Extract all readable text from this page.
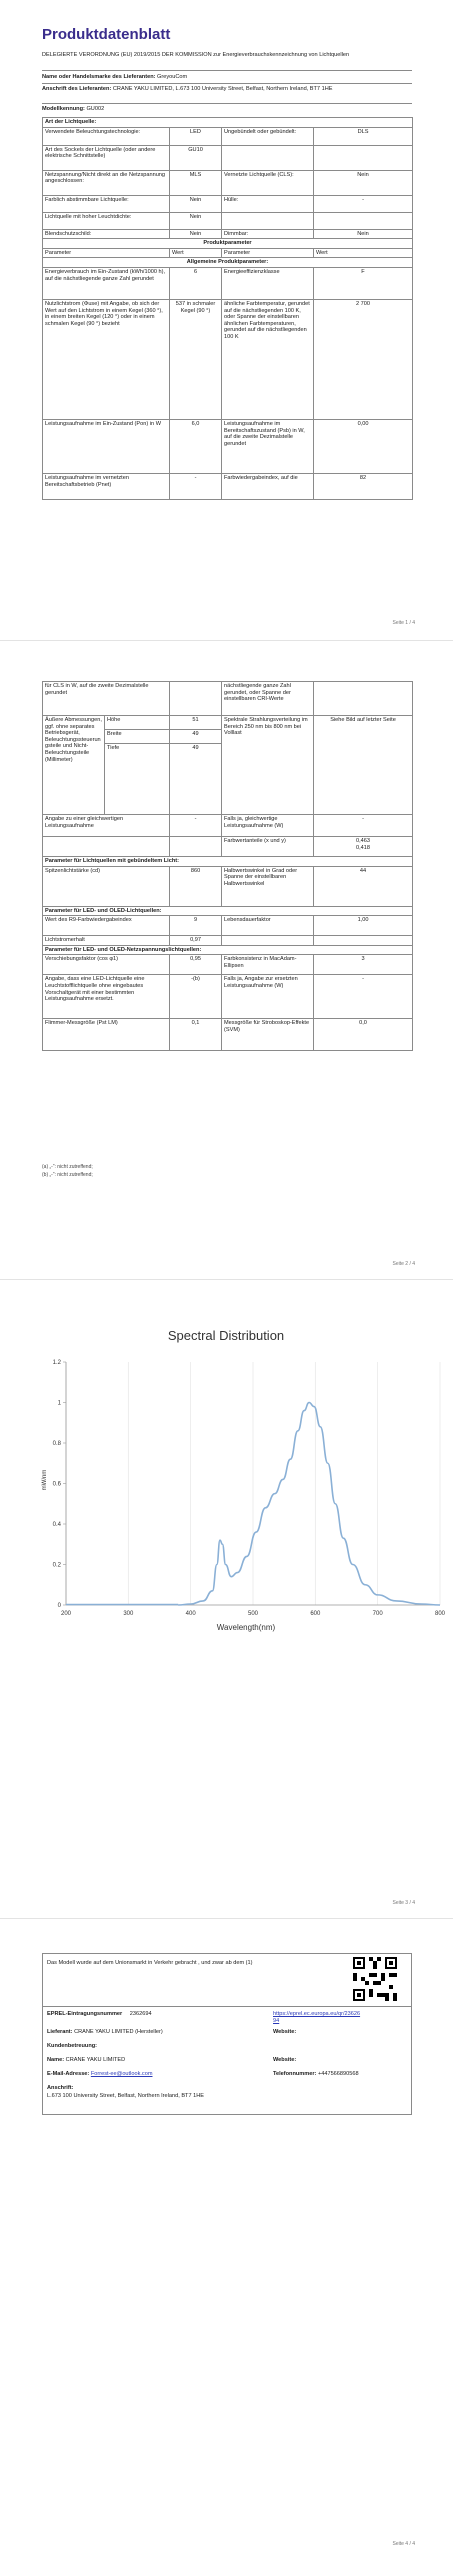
Produktdatenblatt
DELEGIERTE VERORDNUNG (EU) 2019/2015 DER KOMMISSION zur Energieverbrauchskennzeichnung von Lichtquellen
Name oder Handelsmarke des Lieferanten: GreyouCom
Anschrift des Lieferanten: CRANE YAKU LIMITED, L.673 100 University Street, Belfast, Northern Ireland, BT7 1HE
Modellkennung: GU002
Art der Lichtquelle:			
Verwendete Beleuchtungstechnologie:	LED	Ungebündelt oder gebündelt:	DLS
Art des Sockels der Lichtquelle (oder andere elektrische Schnittstelle)	GU10		
Netzspannung/Nicht direkt an die Netzspannung angeschlossen:	MLS	Vernetzte Lichtquelle (CLS):	Nein
Farblich abstimmbare Lichtquelle:	Nein	Hülle:	-
Lichtquelle mit hoher Leuchtdichte:	Nein		
Blendschutzschild:	Nein	Dimmbar:	Nein
Produktparameter			
Parameter	Wert	Parameter	Wert
Allgemeine Produktparameter:			
Energieverbrauch im Ein-Zustand (kWh/1000 h), auf die nächstliegende ganze Zahl gerundet	6	Energieeffizienzklasse	F
Nutzlichtstrom (Φuse) mit Angabe, ob sich der Wert auf den Lichtstrom in einem Kegel (360 °), in einem breiten Kegel (120 °) oder in einem schmalen Kegel (90 °) bezieht	537 in schmaler Kegel (90 °)	ähnliche Farbtemperatur, gerundet auf die nächstliegenden 100 K, oder Spanne der einstellbaren ähnlichen Farbtemperaturen, gerundet auf die nächstliegenden 100 K	2 700
Leistungsaufnahme im Ein-Zustand (Pon) in W	6,0	Leistungsaufnahme im Bereitschaftszustand (Psb) in W, auf die zweite Dezimalstelle gerundet	0,00
Leistungsaufnahme im vernetzten Bereitschaftsbetrieb (Pnet)	-	Farbwiedergabeindex, auf die	82
Seite 1 / 4
für CLS in W, auf die zweite Dezimalstelle gerundet			nächstliegende ganze Zahl gerundet, oder Spanne der einstellbaren CRI-Werte	
Äußere Abmessungen, ggf. ohne separates Betriebsgerät, Beleuchtungssteuerungsteile und Nicht-Beleuchtungsteile (Millimeter)	Höhe	51	Spektrale Strahlungsverteilung im Bereich 250 nm bis 800 nm bei Volllast	Siehe Bild auf letzter Seite
	Breite	49		
	Tiefe	49		
Angabe zu einer gleichwertigen Leistungsaufnahme		-	Falls ja, gleichwertige Leistungsaufnahme (W)	-
			Farbwertanteile (x und y)	0,463
0,418

Parameter für Lichtquellen mit gebündeltem Licht:				
Spitzenlichtstärke (cd)		860	Halbwertswinkel in Grad oder Spanne der einstellbaren Halbwertswinkel	44
Parameter für LED- und OLED-Lichtquellen:				
Wert des R9-Farbwiedergabeindex		9	Lebensdauerfaktor	1,00
Lichtstromerhalt		0,97		
Parameter für LED- und OLED-Netzspannungslichtquellen:				
Verschiebungsfaktor (cos φ1)		0,95	Farbkonsistenz in MacAdam-Ellipsen	3
Angabe, dass eine LED-Lichtquelle eine Leuchtstofflichtquelle ohne eingebautes Vorschaltgerät mit einer bestimmten Leistungsaufnahme ersetzt.		-(b)	Falls ja, Angabe zur ersetzten Leistungsaufnahme (W)	-
Flimmer-Messgröße (Pst LM)		0,1	Messgröße für Stroboskop-Effekte (SVM)	0,0
(a) „-“: nicht zutreffend;
(b) „-“: nicht zutreffend;
Seite 2 / 4
Spectral Distribution
200	300	400	500	600	700	800
0
0.2
0.4
0.6
0.8
1
1.2
mW/nm
Wavelength(nm)
Seite 3 / 4
Das Modell wurde auf dem Unionsmarkt in Verkehr gebracht , und zwar ab dem (1)
EPREL-Eintragungsnummer 2362694	https://eprel.ec.europa.eu/qr/2362694
Lieferant: CRANE YAKU LIMITED (Hersteller)	Website:
Kundenbetreuung:
Name: CRANE YAKU LIMITED	Website:
E-Mail-Adresse: Forrest-ee@outlook.com	Telefonnummer: +447566890568
Anschrift:
L.673 100 University Street, Belfast, Northern Ireland, BT7 1HE
Seite 4 / 4
